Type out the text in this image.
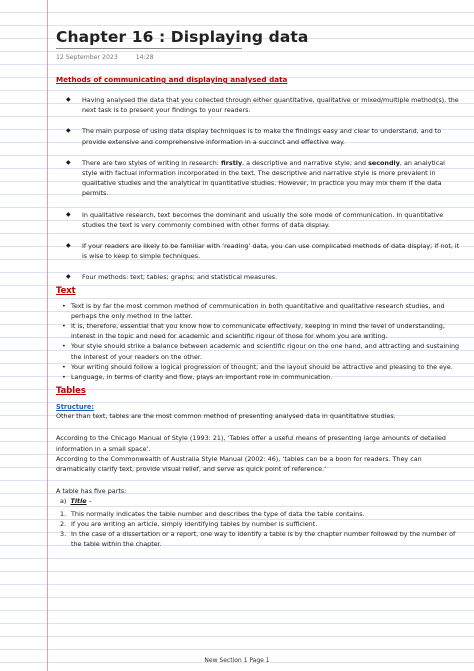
Chapter 16 : Displaying data
12 September 2023	14:28
Methods of communicating and displaying analysed data
◆ Having analysed the data that you collected through either quantitative, qualitative or mixed/multiple method(s), the next task is to present your findings to your readers.
◆ The main purpose of using data display techniques is to make the findings easy and clear to understand, and to provide extensive and comprehensive information in a succinct and effective way.
◆ There are two styles of writing in research: firstly, a descriptive and narrative style; and secondly, an analytical style with factual information incorporated in the text. The descriptive and narrative style is more prevalent in qualitative studies and the analytical in quantitative studies. However, in practice you may mix them if the data permits.
◆ In qualitative research, text becomes the dominant and usually the sole mode of communication. In quantitative studies the text is very commonly combined with other forms of data display.
◆ If your readers are likely to be familiar with ‘reading’ data, you can use complicated methods of data display; if not, it is wise to keep to simple techniques.
◆ Four methods: text; tables; graphs; and statistical measures.
Text
• Text is by far the most common method of communication in both quantitative and qualitative research studies, and perhaps the only method in the latter.
• It is, therefore, essential that you know how to communicate effectively, keeping in mind the level of understanding, interest in the topic and need for academic and scientific rigour of those for whom you are writing.
• Your style should strike a balance between academic and scientific rigour on the one hand, and attracting and sustaining the interest of your readers on the other.
• Your writing should follow a logical progression of thought; and the layout should be attractive and pleasing to the eye.
• Language, in terms of clarity and flow, plays an important role in communication.
Tables
Structure:
Other than text, tables are the most common method of presenting analysed data in quantitative studies.
According to the Chicago Manual of Style (1993: 21), ‘Tables offer a useful means of presenting large amounts of detailed information in a small space’.
According to the Commonwealth of Australia Style Manual (2002: 46), ‘tables can be a boon for readers. They can dramatically clarify text, provide visual relief, and serve as quick point of reference.’
A table has five parts:
a) Title –
1. This normally indicates the table number and describes the type of data the table contains.
2. If you are writing an article, simply identifying tables by number is sufficient.
3. In the case of a dissertation or a report, one way to identify a table is by the chapter number followed by the number of the table within the chapter.
New Section 1 Page 1
